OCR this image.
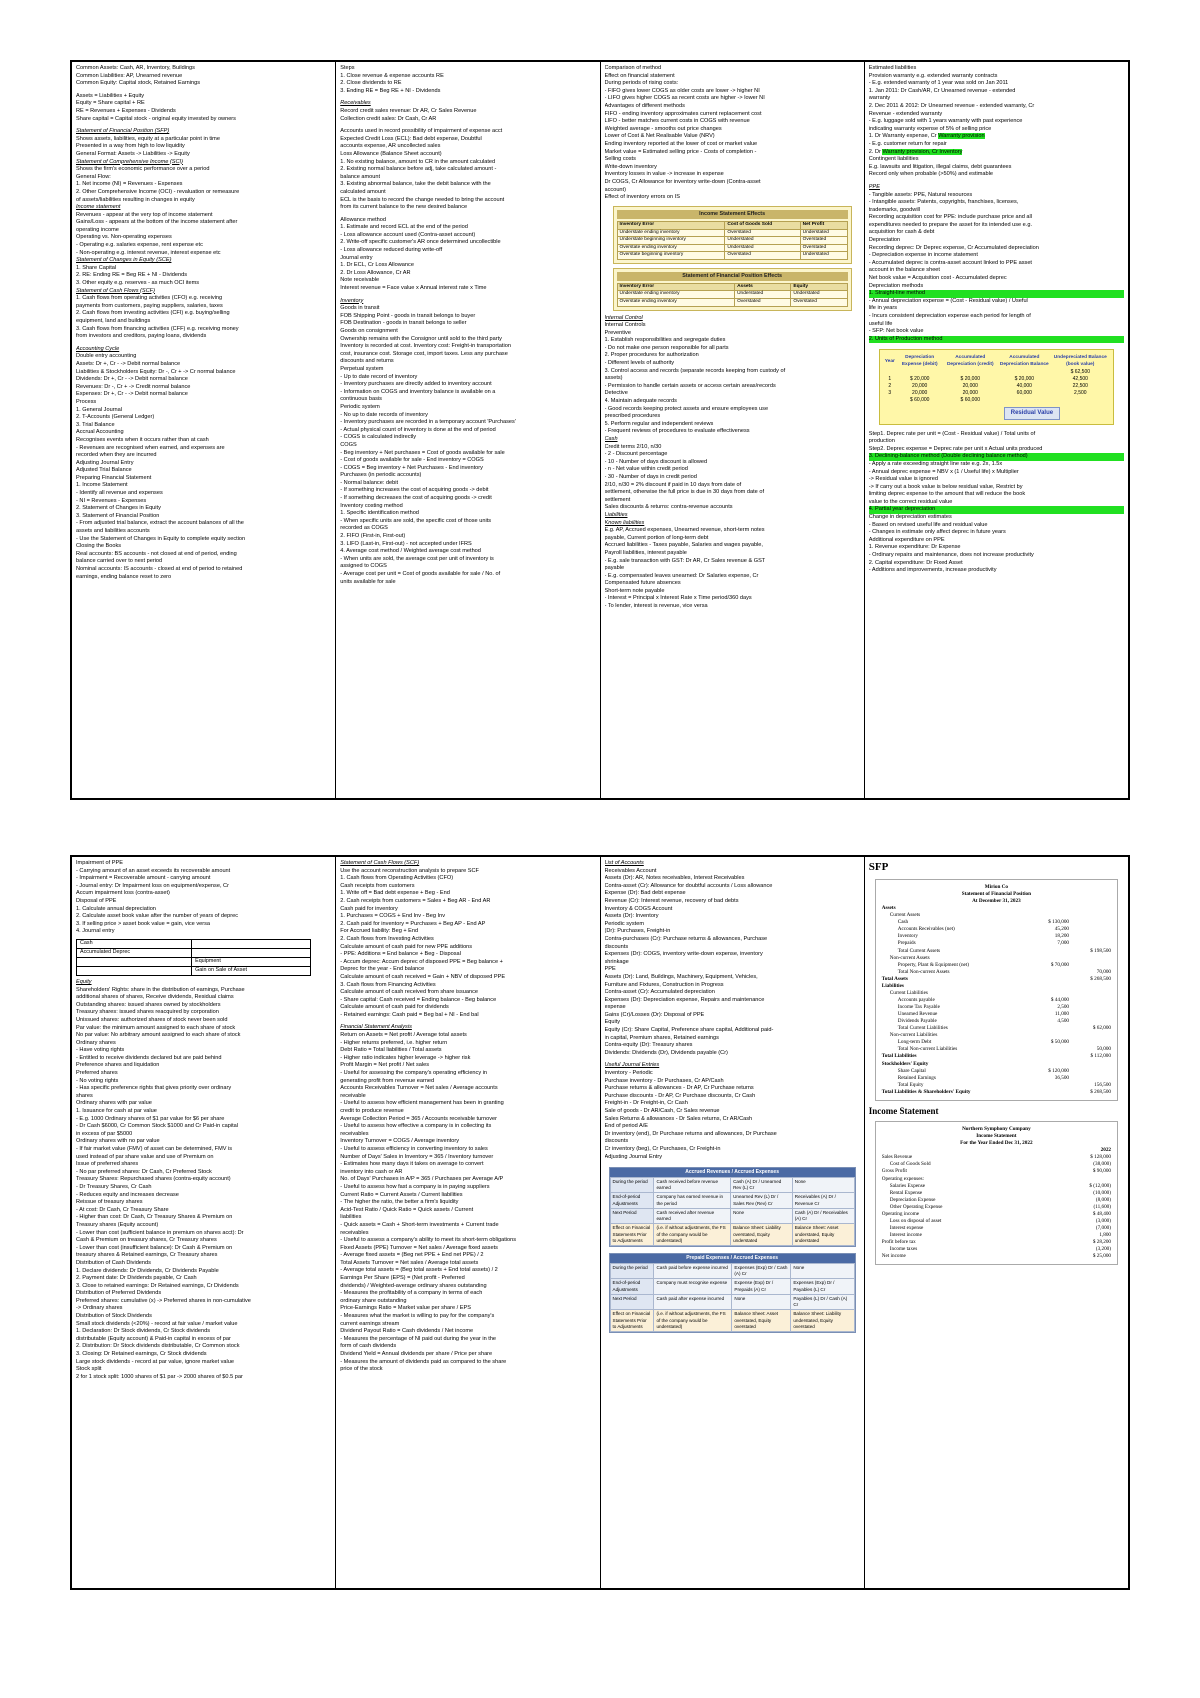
Common Assets: Cash, AR, Inventory, Buildings
Common Liabilities: AP, Unearned revenue
Common Equity: Capital stock, Retained Earnings
Assets = Liabilities + Equity
Equity = Share capital + RE
RE = Revenues + Expenses - Dividends
Share capital = Capital stock - original equity invested by owners
Statement of Financial Position (SFP)
Shows assets, liabilities, equity at a particular point in time
Presented in a way from high to low liquidity
General Format: Assets -> Liabilities -> Equity
Statement of Comprehensive Income (SCI)
Shows the firm's economic performance over a period
General Flow:
1. Net income (NI) = Revenues - Expenses
2. Other Comprehensive Income (OCI) - revaluation or remeasure
of assets/liabilities resulting in changes in equity
Income statement
Revenues - appear at the very top of income statement
Gains/Loss - appears at the bottom of the income statement after
operating income
Operating vs. Non-operating expenses
- Operating e.g. salaries expense, rent expense etc
- Non-operating e.g. interest revenue, interest expense etc
Statement of Changes in Equity (SCE)
1. Share Capital
2. RE: Ending RE = Beg RE + NI - Dividends
3. Other equity e.g. reserves - as much OCI items
Statement of Cash Flows (SCF)
1. Cash flows from operating activities (CFO) e.g. receiving
payments from customers, paying suppliers, salaries, taxes
2. Cash flows from investing activities (CFI) e.g. buying/selling
equipment, land and buildings
3. Cash flows from financing activities (CFF) e.g. receiving money
from investors and creditors, paying loans, dividends
Accounting Cycle
Double entry accounting
Assets: Dr +, Cr - -> Debit normal balance
Liabilities & Stockholders Equity: Dr -, Cr + -> Cr normal balance
Dividends: Dr +, Cr - -> Debit normal balance
Revenues: Dr -, Cr + -> Credit normal balance
Expenses: Dr +, Cr - -> Debit normal balance
Process
1. General Journal
2. T-Accounts (General Ledger)
3. Trial Balance
Accrual Accounting
Recognises events when it occurs rather than at cash
- Revenues are recognised when earned, and expenses are
recorded when they are incurred
Adjusting Journal Entry
Adjusted Trial Balance
Preparing Financial Statement
1. Income Statement
- Identify all revenue and expenses
- NI = Revenues - Expenses
2. Statement of Changes in Equity
3. Statement of Financial Position
- From adjusted trial balance, extract the account balances of all the
assets and liabilities accounts
- Use the Statement of Changes in Equity to complete equity section
Closing the Books
Real accounts: BS accounts - not closed at end of period, ending
balance carried over to next period
Nominal accounts: IS accounts - closed at end of period to retained
earnings, ending balance reset to zero
Steps
1. Close revenue & expense accounts RE
2. Close dividends to RE
3. Ending RE = Beg RE + NI - Dividends
Receivables
Record credit sales revenue: Dr AR, Cr Sales Revenue
Collection credit sales: Dr Cash, Cr AR
Accounts used in record possibility of impairment of expense acct
Expected Credit Loss (ECL): Bad debt expense, Doubtful
accounts expense, AR uncollected sales
Loss Allowance (Balance Sheet account)
1. No existing balance, amount to CR in the amount calculated
2. Existing normal balance before adj, take calculated amount -
balance amount
3. Existing abnormal balance, take the debit balance with the
calculated amount
ECL is the basis to record the change needed to bring the account
from its current balance to the new desired balance
Allowance method
1. Estimate and record ECL at the end of the period
- Loss allowance account used (Contra-asset account)
2. Write-off specific customer's AR once determined uncollectible
- Loss allowance reduced during write-off
Journal entry
1. Dr ECL, Cr Loss Allowance
2. Dr Loss Allowance, Cr AR
Note receivable
Interest revenue = Face value x Annual interest rate x Time
Inventory
Goods in transit
FOB Shipping Point - goods in transit belongs to buyer
FOB Destination - goods in transit belongs to seller
Goods on consignment
Ownership remains with the Consignor until sold to the third party
Inventory is recorded at cost. Inventory cost: Freight-in transportation
cost, insurance cost. Storage cost, import taxes. Less any purchase
discounts and returns
Perpetual system
- Up to date record of inventory
- Inventory purchases are directly added to inventory account
- Information on COGS and inventory balance is available on a
continuous basis
Periodic system
- No up to date records of inventory
- Inventory purchases are recorded in a temporary account 'Purchases'
- Actual physical count of inventory is done at the end of period
- COGS is calculated indirectly
COGS
- Beg inventory + Net purchases = Cost of goods available for sale
- Cost of goods available for sale - End inventory = COGS
- COGS = Beg inventory + Net Purchases - End inventory
Purchases (in periodic accounts)
- Normal balance: debit
- If something increases the cost of acquiring goods -> debit
- If something decreases the cost of acquiring goods -> credit
Inventory costing method
1. Specific identification method
- When specific units are sold, the specific cost of those units
recorded as COGS
2. FIFO (First-in, First-out)
3. LIFO (Last-in, First-out) - not accepted under IFRS
4. Average cost method / Weighted average cost method
- When units are sold, the average cost per unit of inventory is
assigned to COGS
- Average cost per unit = Cost of goods available for sale / No. of
units available for sale
Comparison of method
Effect on financial statement
During periods of rising costs:
- FIFO gives lower COGS as older costs are lower -> higher NI
- LIFO gives higher COGS as recent costs are higher -> lower NI
Advantages of different methods
FIFO - ending inventory approximates current replacement cost
LIFO - better matches current costs in COGS with revenue
Weighted average - smooths out price changes
Lower of Cost & Net Realisable Value (NRV)
Ending inventory reported at the lower of cost or market value
Market value = Estimated selling price - Costs of completion -
Selling costs
Write-down inventory
Inventory losses in value -> increase in expense
Dr COGS, Cr Allowance for inventory write-down (Contra-asset
account)
Effect of inventory errors on IS
Income Statement Effects
Inventory Error	Cost of Goods Sold	Net Profit
Understate ending inventory	Overstated	Understated
Understate beginning inventory	Understated	Overstated
Overstate ending inventory	Understated	Overstated
Overstate beginning inventory	Overstated	Understated
Statement of Financial Position Effects
Inventory Error	Assets	Equity
Understate ending inventory	Understated	Understated
Overstate ending inventory	Overstated	Overstated
Internal Control
Internal Controls
Preventive
1. Establish responsibilities and segregate duties
- Do not make one person responsible for all parts
2. Proper procedures for authorization
- Different levels of authority
3. Control access and records (separate records keeping from custody of
assets)
- Permission to handle certain assets or access certain areas/records
Detective
4. Maintain adequate records
- Good records keeping protect assets and ensure employees use
prescribed procedures
5. Perform regular and independent reviews
- Frequent reviews of procedures to evaluate effectiveness
Cash
Credit terms 2/10, n/30
- 2 - Discount percentage
- 10 - Number of days discount is allowed
- n - Net value within credit period
- 30 - Number of days in credit period
2/10, n/30 = 2% discount if paid in 10 days from date of
settlement, otherwise the full price is due in 30 days from date of
settlement
Sales discounts & returns: contra-revenue accounts
Liabilities
Known liabilities
E.g. AP, Accrued expenses, Unearned revenue, short-term notes
payable, Current portion of long-term debt
Accrued liabilities - Taxes payable, Salaries and wages payable,
Payroll liabilities, interest payable
- E.g. sale transaction with GST: Dr AR, Cr Sales revenue & GST
payable
- E.g. compensated leaves unearned: Dr Salaries expense, Cr
Compensated future absences
Short-term note payable
- Interest = Principal x Interest Rate x Time period/360 days
- To lender, interest is revenue, vice versa
Estimated liabilities
Provision warranty e.g. extended warranty contracts
- E.g. extended warranty of 1 year was sold on Jan 2011
1. Jan 2011: Dr Cash/AR, Cr Unearned revenue - extended
warranty
2. Dec 2011 & 2012: Dr Unearned revenue - extended warranty, Cr
Revenue - extended warranty
- E.g. luggage sold with 1 years warranty with past experience
indicating warranty expense of 5% of selling price
1. Dr Warranty expense, Cr Warranty provision
- E.g. customer return for repair
2. Dr Warranty provision, Cr Inventory
Contingent liabilities
E.g. lawsuits and litigation, illegal claims, debt guarantees
Record only when probable (>50%) and estimable
PPE
- Tangible assets: PPE, Natural resources
- Intangible assets: Patents, copyrights, franchises, licenses,
trademarks, goodwill
Recording acquisition cost for PPE: include purchase price and all
expenditures needed to prepare the asset for its intended use e.g.
acquisition for cash & debt
Depreciation
Recording deprec: Dr Deprec expense, Cr Accumulated depreciation
- Depreciation expense in income statement
- Accumulated deprec is contra-asset account linked to PPE asset
account in the balance sheet
Net book value = Acquisition cost - Accumulated deprec
Depreciation methods
1. Straight-line method
- Annual depreciation expense = (Cost - Residual value) / Useful
life in years
- Incurs consistent depreciation expense each period for length of
useful life
- SFP: Net book value
2. Units of Production method
Year	Depreciation Expense (debit)	Accumulated Depreciation (credit)	Accumulated Depreciation Balance	Undepreciated Balance (book value)
				$ 62,500
1	$ 20,000	$ 20,000	$ 20,000	42,500
2	20,000	20,000	40,000	22,500
3	20,000	20,000	60,000	2,500
	$ 60,000	$ 60,000		
Residual Value
Step1. Deprec rate per unit = (Cost - Residual value) / Total units of
production
Step2. Deprec expense = Deprec rate per unit x Actual units produced
3. Declining-balance method (Double declining balance method)
- Apply a rate exceeding straight line rate e.g. 2x, 1.5x
- Annual deprec expense = NBV x (1 / Useful life) x Multiplier
-> Residual value is ignored
-> If carry out a book value is below residual value, Restrict by
limiting deprec expense to the amount that will reduce the book
value to the correct residual value
4. Partial year depreciation
Change in depreciation estimates
- Based on revised useful life and residual value
- Changes in estimate only affect deprec in future years
Additional expenditure on PPE
1. Revenue expenditure: Dr Expense
- Ordinary repairs and maintenance, does not increase productivity
2. Capital expenditure: Dr Fixed Asset
- Additions and improvements, increase productivity
Impairment of PPE
- Carrying amount of an asset exceeds its recoverable amount
- Impairment = Recoverable amount - carrying amount
- Journal entry: Dr Impairment loss on equipment/expense, Cr
Accum impairment loss (contra-asset)
Disposal of PPE
1. Calculate annual depreciation
2. Calculate asset book value after the number of years of deprec
3. If selling price > asset book value = gain, vice versa
4. Journal entry
Cash	
Accumulated Deprec	
	Equipment
	Gain on Sale of Asset
Equity
Shareholders' Rights: share in the distribution of earnings, Purchase
additional shares of shares, Receive dividends, Residual claims
Outstanding shares: issued shares owned by stockholders
Treasury shares: issued shares reacquired by corporation
Unissued shares: authorized shares of stock never been sold
Par value: the minimum amount assigned to each share of stock
No par value: No arbitrary amount assigned to each share of stock
Ordinary shares
- Have voting rights
- Entitled to receive dividends declared but are paid behind
Preference shares and liquidation
Preferred shares
- No voting rights
- Has specific preference rights that gives priority over ordinary
shares
Ordinary shares with par value
1. Issuance for cash at par value
- E.g. 1000 Ordinary shares of $1 par value for $6 per share
- Dr Cash $6000, Cr Common Stock $1000 and Cr Paid-in capital
in excess of par $5000
Ordinary shares with no par value
- If fair market value (FMV) of asset can be determined, FMV is
used instead of par share value and use of Premium on
Issue of preferred shares
- No par preferred shares: Dr Cash, Cr Preferred Stock
Treasury Shares: Repurchased shares (contra-equity account)
- Dr Treasury Shares, Cr Cash
- Reduces equity and increases decrease
Reissue of treasury shares
- At cost: Dr Cash, Cr Treasury Share
- Higher than cost: Dr Cash, Cr Treasury Shares & Premium on
Treasury shares (Equity account)
- Lower than cost (sufficient balance in premium on shares acct): Dr
Cash & Premium on treasury shares, Cr Treasury shares
- Lower than cost (insufficient balance): Dr Cash & Premium on
treasury shares & Retained earnings, Cr Treasury shares
Distribution of Cash Dividends
1. Declare dividends: Dr Dividends, Cr Dividends Payable
2. Payment date: Dr Dividends payable, Cr Cash
3. Close to retained earnings: Dr Retained earnings, Cr Dividends
Distribution of Preferred Dividends
Preferred shares: cumulative (x) -> Preferred shares in non-cumulative
-> Ordinary shares
Distribution of Stock Dividends
Small stock dividends (<20%) - record at fair value / market value
1. Declaration: Dr Stock dividends, Cr Stock dividends
distributable (Equity account) & Paid-in capital in excess of par
2. Distribution: Dr Stock dividends distributable, Cr Common stock
3. Closing: Dr Retained earnings, Cr Stock dividends
Large stock dividends - record at par value, ignore market value
Stock split
2 for 1 stock split: 1000 shares of $1 par -> 2000 shares of $0.5 par
Statement of Cash Flows (SCF)
Use the account reconstruction analysis to prepare SCF
1. Cash flows from Operating Activities (CFO)
Cash receipts from customers
1. Write off = Bad debt expense + Beg - End
2. Cash receipts from customers = Sales + Beg AR - End AR
Cash paid for inventory
1. Purchases = COGS + End Inv - Beg Inv
2. Cash paid for inventory = Purchases + Beg AP - End AP
For Accrued liability: Beg + End
2. Cash flows from Investing Activities
Calculate amount of cash paid for new PPE additions
- PPE: Additions = End balance + Beg - Disposal
- Accum deprec: Accum deprec of disposed PPE = Beg balance +
Deprec for the year - End balance
Calculate amount of cash received = Gain + NBV of disposed PPE
3. Cash flows from Financing Activities
Calculate amount of cash received from share issuance
- Share capital: Cash received = Ending balance - Beg balance
Calculate amount of cash paid for dividends
- Retained earnings: Cash paid = Beg bal + NI - End bal
Financial Statement Analysis
Return on Assets = Net profit / Average total assets
- Higher returns preferred, i.e. higher return
Debt Ratio = Total liabilities / Total assets
- Higher ratio indicates higher leverage -> higher risk
Profit Margin = Net profit / Net sales
- Useful for assessing the company's operating efficiency in
generating profit from revenue earned
Accounts Receivables Turnover = Net sales / Average accounts
receivable
- Useful to assess how efficient management has been in granting
credit to produce revenue
Average Collection Period = 365 / Accounts receivable turnover
- Useful to assess how effective a company is in collecting its
receivables
Inventory Turnover = COGS / Average inventory
- Useful to assess efficiency in converting inventory to sales
Number of Days' Sales in Inventory = 365 / Inventory turnover
- Estimates how many days it takes on average to convert
inventory into cash or AR
No. of Days' Purchases in A/P = 365 / Purchases per Average A/P
- Useful to assess how fast a company is in paying suppliers
Current Ratio = Current Assets / Current liabilities
- The higher the ratio, the better a firm's liquidity
Acid-Test Ratio / Quick Ratio = Quick assets / Current
liabilities
- Quick assets = Cash + Short-term investments + Current trade
receivables
- Useful to assess a company's ability to meet its short-term obligations
Fixed Assets (PPE) Turnover = Net sales / Average fixed assets
- Average fixed assets = (Beg net PPE + End net PPE) / 2
Total Assets Turnover = Net sales / Average total assets
- Average total assets = (Beg total assets + End total assets) / 2
Earnings Per Share (EPS) = (Net profit - Preferred
dividends) / Weighted-average ordinary shares outstanding
- Measures the profitability of a company in terms of each
ordinary share outstanding
Price-Earnings Ratio = Market value per share / EPS
- Measures what the market is willing to pay for the company's
current earnings stream
Dividend Payout Ratio = Cash dividends / Net income
- Measures the percentage of NI paid out during the year in the
form of cash dividends
Dividend Yield = Annual dividends per share / Price per share
- Measures the amount of dividends paid as compared to the share
price of the stock
List of Accounts
Receivables Account
Assets (Dr): AR, Notes receivables, Interest Receivables
Contra-asset (Cr): Allowance for doubtful accounts / Loss allowance
Expense (Dr): Bad debt expense
Revenue (Cr): Interest revenue, recovery of bad debts
Inventory & COGS Account
Assets (Dr): Inventory
Periodic system
(Dr): Purchases, Freight-in
Contra-purchases (Cr): Purchase returns & allowances, Purchase
discounts
Expenses (Dr): COGS, inventory write-down expense, inventory
shrinkage
PPE
Assets (Dr): Land, Buildings, Machinery, Equipment, Vehicles,
Furniture and Fixtures, Construction in Progress
Contra-asset (Cr): Accumulated depreciation
Expenses (Dr): Depreciation expense, Repairs and maintenance
expense
Gains (Cr)/Losses (Dr): Disposal of PPE
Equity
Equity (Cr): Share Capital, Preference share capital, Additional paid-
in capital, Premium shares, Retained earnings
Contra-equity (Dr): Treasury shares
Dividends: Dividends (Dr), Dividends payable (Cr)
Useful Journal Entries
Inventory - Periodic
Purchase inventory - Dr Purchases, Cr AP/Cash
Purchase returns & allowances - Dr AP, Cr Purchase returns
Purchase discounts - Dr AP, Cr Purchase discounts, Cr Cash
Freight-in - Dr Freight-in, Cr Cash
Sale of goods - Dr AR/Cash, Cr Sales revenue
Sales Returns & allowances - Dr Sales returns, Cr AR/Cash
End of period A/E
Dr inventory (end), Dr Purchase returns and allowances, Dr Purchase
discounts
Cr inventory (beg), Cr Purchases, Cr Freight-in
Adjusting Journal Entry
Accrued Revenues / Accrued Expenses
During the period	Cash received before revenue earned	Cash (A) Dr / Unearned Rev (L) Cr	None
End-of-period Adjustments	Company has earned revenue in the period	Unearned Rev (L) Dr / Sales Rev (Rev) Cr	Receivables (A) Dr / Revenue Cr
Next Period	Cash received after revenue earned	None	Cash (A) Dr / Receivables (A) Cr
Effect on Financial Statements Prior to Adjustments	(i.e. if without adjustments, the FS of the company would be understated)	Balance Sheet: Liability overstated, Equity understated	Balance Sheet: Asset understated, Equity understated
Prepaid Expenses / Accrued Expenses
During the period	Cash paid before expense incurred	Expenses (Exp) Dr / Cash (A) Cr	None
End-of-period Adjustments	Company must recognise expense	Expense (Exp) Dr / Prepaids (A) Cr	Expenses (Exp) Dr / Payables (L) Cr
Next Period	Cash paid after expense incurred	None	Payables (L) Dr / Cash (A) Cr
Effect on Financial Statements Prior to Adjustments	(i.e. if without adjustments, the FS of the company would be understated)	Balance Sheet: Asset overstated, Equity overstated	Balance Sheet: Liability understated, Equity overstated
SFP
Mirion Co
Statement of Financial Position
At December 31, 2023
Assets
Current Assets
Cash	$ 130,000
Accounts Receivables (net)	45,200
Inventory	18,200
Prepaids	7,000
Total Current Assets	$ 198,500
Non-current Assets
Property, Plant & Equipment (net)	$ 70,000
Total Non-current Assets	70,000
Total Assets	$ 268,500
Liabilities
Current Liabilities
Accounts payable	$ 44,000
Income Tax Payable	2,500
Unearned Revenue	11,000
Dividends Payable	4,500
Total Current Liabilities	$ 62,000
Non-current Liabilities
Long-term Debt	$ 50,000
Total Non-current Liabilities	50,000
Total Liabilities	$ 112,000
Stockholders' Equity
Share Capital	$ 120,000
Retained Earnings	36,500
Total Equity	156,500
Total Liabilities & Shareholders' Equity	$ 268,500
Income Statement
Northern Symphony Company
Income Statement
For the Year Ended Dec 31, 2022
2022
Sales Revenue	$ 128,000
Cost of Goods Sold	(38,000)
Gross Profit	$ 90,000
Operating expenses:
Salaries Expense	$ (12,000)
Rental Expense	(10,000)
Depreciation Expense	(8,000)
Other Operating Expense	(11,600)
Operating income	$ 48,400
Loss on disposal of asset	(3,000)
Interest expense	(7,000)
Interest income	1,800
Profit before tax	$ 28,200
Income taxes	(3,200)
Net income	$ 25,000
